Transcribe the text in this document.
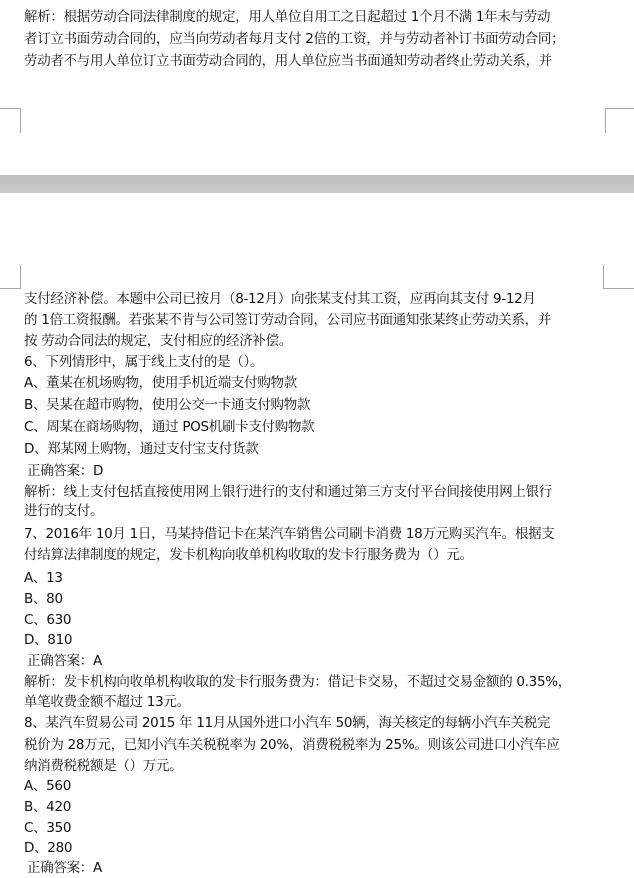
解析：根据劳动合同法律制度的规定，用人单位自用工之日起超过 1个月不满 1年未与劳动
者订立书面劳动合同的，应当向劳动者每月支付 2倍的工资，并与劳动者补订书面劳动合同；
劳动者不与用人单位订立书面劳动合同的，用人单位应当书面通知劳动者终止劳动关系，并
支付经济补偿。本题中公司已按月（8-12月）向张某支付其工资，应再向其支付 9-12月
的 1倍工资报酬。若张某不肯与公司签订劳动合同，公司应书面通知张某终止劳动关系，并
按 劳动合同法的规定，支付相应的经济补偿。
6、下列情形中，属于线上支付的是（）。
A、董某在机场购物，使用手机近端支付购物款
B、吴某在超市购物，使用公交一卡通支付购物款
C、周某在商场购物，通过 POS机刷卡支付购物款
D、郑某网上购物，通过支付宝支付货款
正确答案：D
解析：线上支付包括直接使用网上银行进行的支付和通过第三方支付平台间接使用网上银行
进行的支付。
7、2016年 10月 1日，马某持借记卡在某汽车销售公司刷卡消费 18万元购买汽车。根据支
付结算法律制度的规定，发卡机构向收单机构收取的发卡行服务费为（）元。
A、13
B、80
C、630
D、810
正确答案：A
解析：发卡机构向收单机构收取的发卡行服务费为：借记卡交易，不超过交易金额的 0.35%，
单笔收费金额不超过 13元。
8、某汽车贸易公司 2015 年 11月从国外进口小汽车 50辆，海关核定的每辆小汽车关税完
税价为 28万元，已知小汽车关税税率为 20%，消费税税率为 25%。则该公司进口小汽车应
纳消费税税额是（）万元。
A、560
B、420
C、350
D、280
正确答案：A
